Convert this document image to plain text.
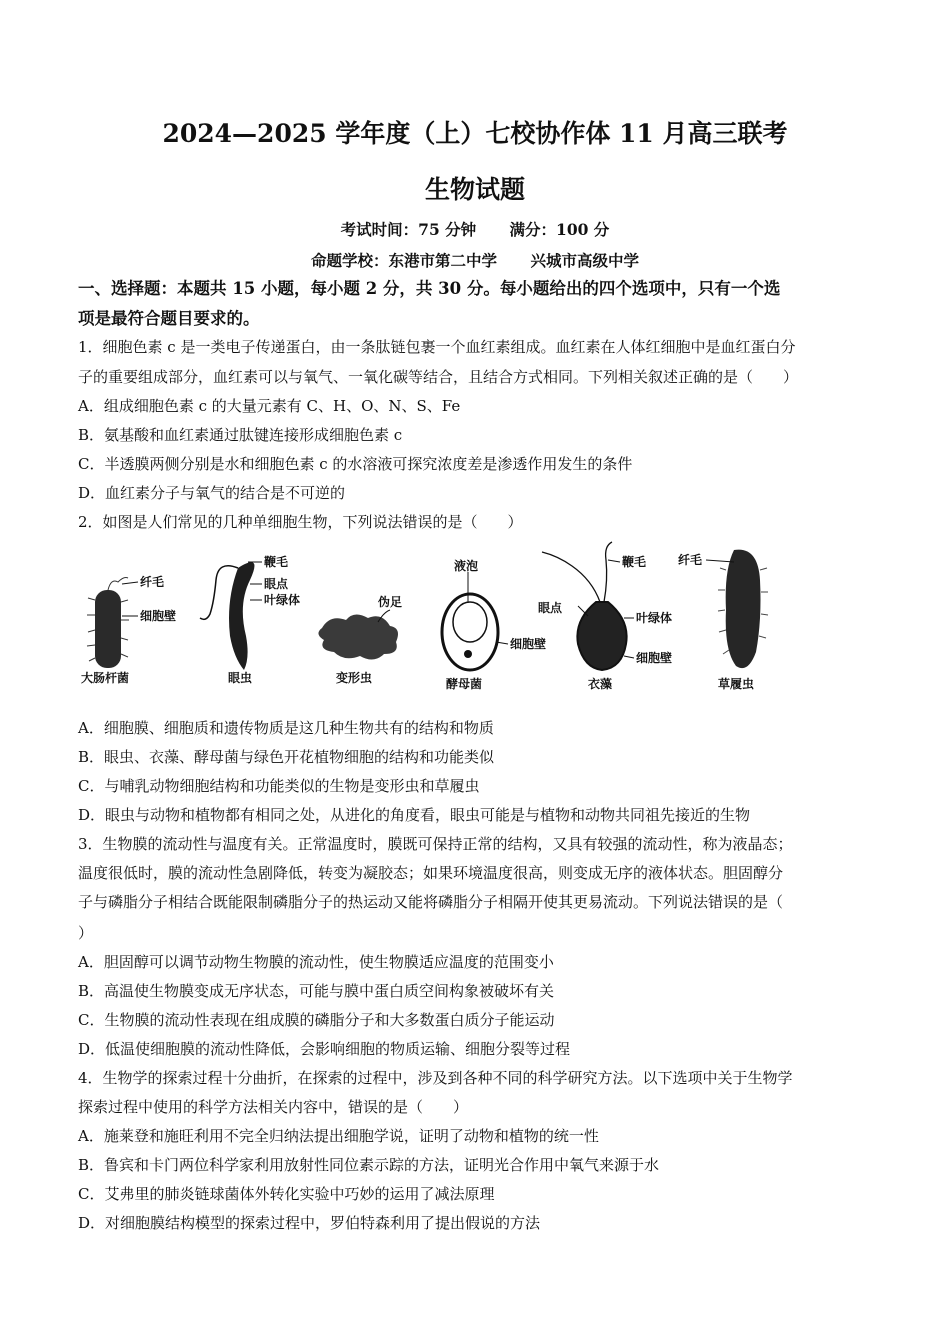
2024—2025 学年度（上）七校协作体 11 月高三联考
生物试题
考试时间：75 分钟 满分：100 分
命题学校：东港市第二中学 兴城市高级中学
一、选择题：本题共 15 小题，每小题 2 分，共 30 分。每小题给出的四个选项中，只有一个选
项是最符合题目要求的。
1．细胞色素 c 是一类电子传递蛋白，由一条肽链包裹一个血红素组成。血红素在人体红细胞中是血红蛋白分
子的重要组成部分，血红素可以与氧气、一氧化碳等结合，且结合方式相同。下列相关叙述正确的是（　　）
A．组成细胞色素 c 的大量元素有 C、H、O、N、S、Fe
B．氨基酸和血红素通过肽键连接形成细胞色素 c
C．半透膜两侧分别是水和细胞色素 c 的水溶液可探究浓度差是渗透作用发生的条件
D．血红素分子与氧气的结合是不可逆的
2．如图是人们常见的几种单细胞生物，下列说法错误的是（　　）
纤毛
细胞壁
大肠杆菌
鞭毛
眼点
叶绿体
眼虫
伪足
变形虫
液泡
细胞壁
酵母菌
鞭毛
眼点
叶绿体
细胞壁
衣藻
纤毛
草履虫
A．细胞膜、细胞质和遗传物质是这几种生物共有的结构和物质
B．眼虫、衣藻、酵母菌与绿色开花植物细胞的结构和功能类似
C．与哺乳动物细胞结构和功能类似的生物是变形虫和草履虫
D．眼虫与动物和植物都有相同之处，从进化的角度看，眼虫可能是与植物和动物共同祖先接近的生物
3．生物膜的流动性与温度有关。正常温度时，膜既可保持正常的结构，又具有较强的流动性，称为液晶态；
温度很低时，膜的流动性急剧降低，转变为凝胶态；如果环境温度很高，则变成无序的液体状态。胆固醇分
子与磷脂分子相结合既能限制磷脂分子的热运动又能将磷脂分子相隔开使其更易流动。下列说法错误的是（
）
A．胆固醇可以调节动物生物膜的流动性，使生物膜适应温度的范围变小
B．高温使生物膜变成无序状态，可能与膜中蛋白质空间构象被破坏有关
C．生物膜的流动性表现在组成膜的磷脂分子和大多数蛋白质分子能运动
D．低温使细胞膜的流动性降低，会影响细胞的物质运输、细胞分裂等过程
4．生物学的探索过程十分曲折，在探索的过程中，涉及到各种不同的科学研究方法。以下选项中关于生物学
探索过程中使用的科学方法相关内容中，错误的是（　　）
A．施莱登和施旺利用不完全归纳法提出细胞学说，证明了动物和植物的统一性
B．鲁宾和卡门两位科学家利用放射性同位素示踪的方法，证明光合作用中氧气来源于水
C．艾弗里的肺炎链球菌体外转化实验中巧妙的运用了减法原理
D．对细胞膜结构模型的探索过程中，罗伯特森利用了提出假说的方法
